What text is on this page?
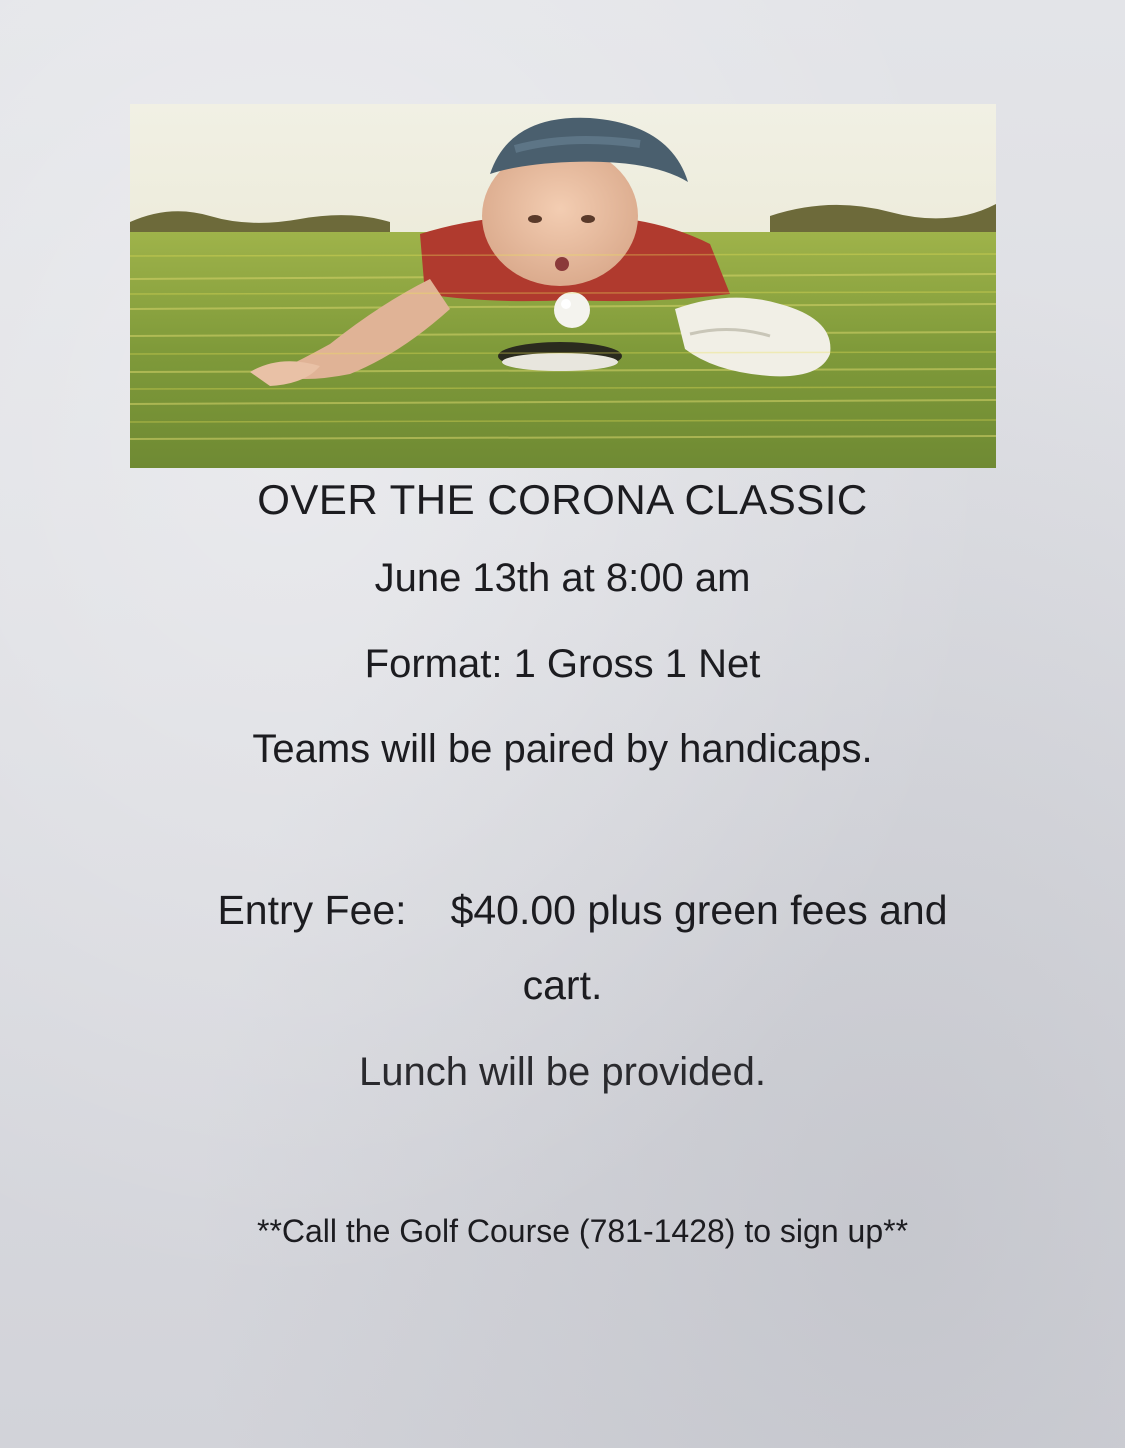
OVER THE CORONA CLASSIC
June 13th at 8:00 am
Format: 1 Gross 1 Net
Teams will be paired by handicaps.
Entry Fee: $40.00 plus green fees and
cart.
Lunch will be provided.
**Call the Golf Course (781-1428) to sign up**
